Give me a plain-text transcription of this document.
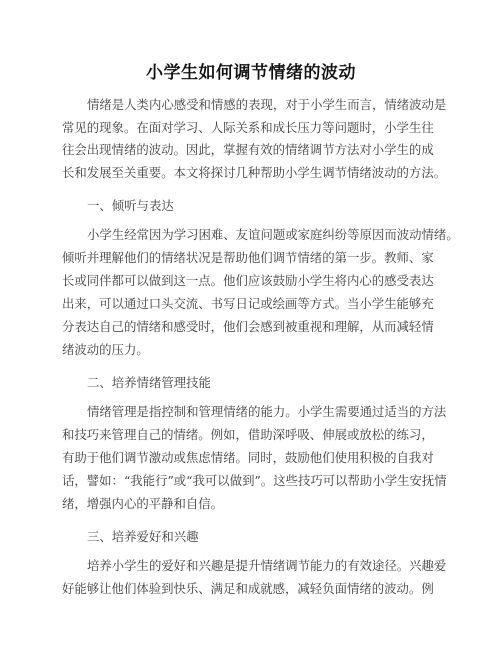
小学生如何调节情绪的波动
情绪是人类内心感受和情感的表现，对于小学生而言，情绪波动是
常见的现象。在面对学习、人际关系和成长压力等问题时，小学生往
往会出现情绪的波动。因此，掌握有效的情绪调节方法对小学生的成
长和发展至关重要。本文将探讨几种帮助小学生调节情绪波动的方法。
一、倾听与表达
小学生经常因为学习困难、友谊问题或家庭纠纷等原因而波动情绪。
倾听并理解他们的情绪状况是帮助他们调节情绪的第一步。教师、家
长或同伴都可以做到这一点。他们应该鼓励小学生将内心的感受表达
出来，可以通过口头交流、书写日记或绘画等方式。当小学生能够充
分表达自己的情绪和感受时，他们会感到被重视和理解，从而减轻情
绪波动的压力。
二、培养情绪管理技能
情绪管理是指控制和管理情绪的能力。小学生需要通过适当的方法
和技巧来管理自己的情绪。例如，借助深呼吸、伸展或放松的练习，
有助于他们调节激动或焦虑情绪。同时，鼓励他们使用积极的自我对
话，譬如：“我能行”或“我可以做到”。这些技巧可以帮助小学生安抚情
绪，增强内心的平静和自信。
三、培养爱好和兴趣
培养小学生的爱好和兴趣是提升情绪调节能力的有效途径。兴趣爱
好能够让他们体验到快乐、满足和成就感，减轻负面情绪的波动。例
